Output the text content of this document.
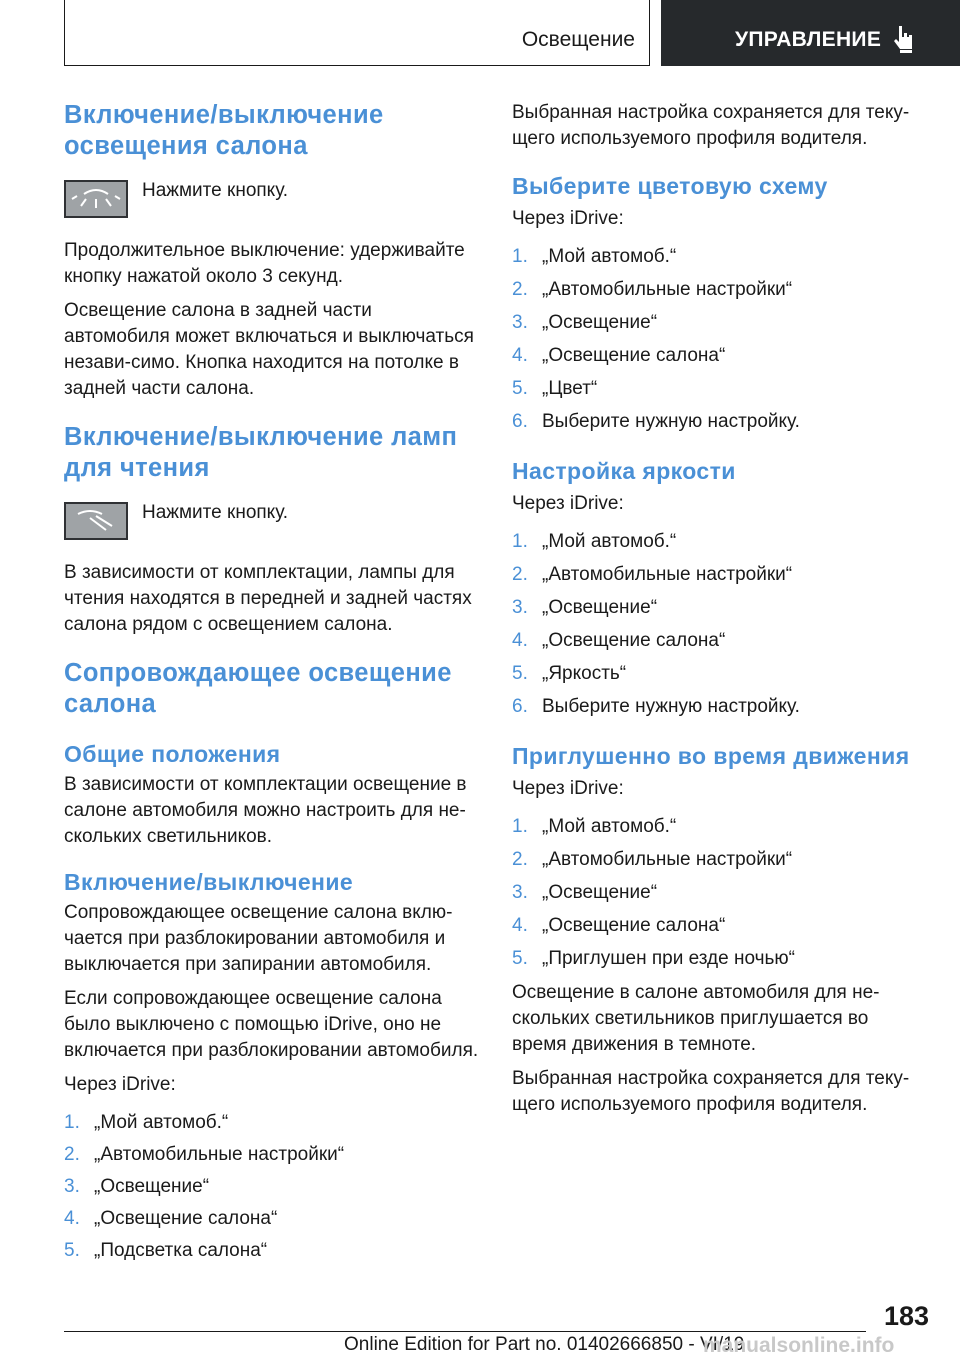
Освещение	УПРАВЛЕНИЕ
Включение/выключение освещения салона

Нажмите кнопку.

Продолжительное выключение: удерживайте кнопку нажатой около 3 секунд.

Освещение салона в задней части автомобиля может включаться и выключаться незави-симо. Кнопка находится на потолке в задней части салона.

Включение/выключение ламп для чтения

Нажмите кнопку.

В зависимости от комплектации, лампы для чтения находятся в передней и задней частях салона рядом с освещением салона.

Сопровождающее освещение салона
Общие положения

В зависимости от комплектации освещение в салоне автомобиля можно настроить для не-скольких светильников.

Включение/выключение

Сопровождающее освещение салона вклю-чается при разблокировании автомобиля и выключается при запирании автомобиля.

Если сопровождающее освещение салона было выключено с помощью iDrive, оно не включается при разблокировании автомобиля.

Через iDrive:

1. „Мой автомоб.“
2. „Автомобильные настройки“
3. „Освещение“
4. „Освещение салона“
5. „Подсветка салона“

Выбранная настройка сохраняется для теку-щего используемого профиля водителя.

Выберите цветовую схему

Через iDrive:

1. „Мой автомоб.“
2. „Автомобильные настройки“
3. „Освещение“
4. „Освещение салона“
5. „Цвет“
6. Выберите нужную настройку.
Настройка яркости

Через iDrive:

1. „Мой автомоб.“
2. „Автомобильные настройки“
3. „Освещение“
4. „Освещение салона“
5. „Яркость“
6. Выберите нужную настройку.
Приглушенно во время движения

Через iDrive:

1. „Мой автомоб.“
2. „Автомобильные настройки“
3. „Освещение“
4. „Освещение салона“
5. „Приглушен при езде ночью“

Освещение в салоне автомобиля для не-скольких светильников приглушается во время движения в темноте.

Выбранная настройка сохраняется для теку-щего используемого профиля водителя.

183
Online Edition for Part no. 01402666850 - VI/19
manualsonline.info
